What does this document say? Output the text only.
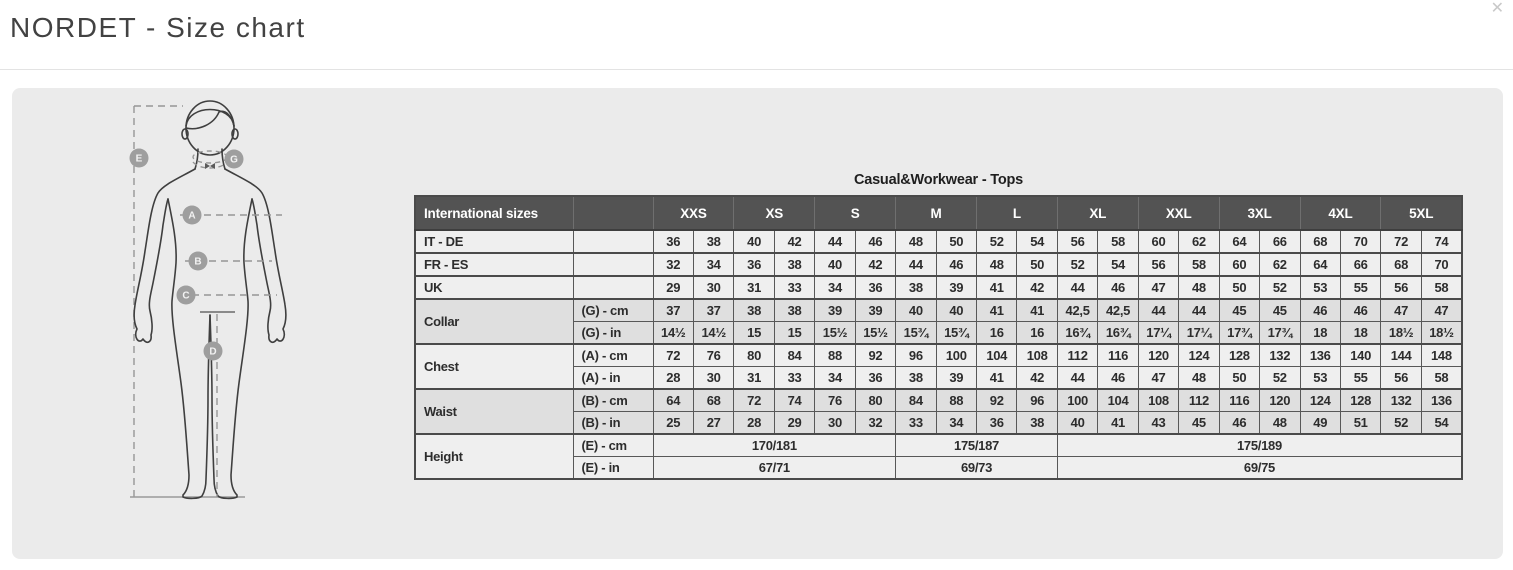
NORDET - Size chart
✕
E	G
A
B
C
D
Casual&Workwear - Tops
International sizes		XXS		XS		S		M		L		XL		XXL		3XL		4XL		5XL	
IT - DE		36	38	40	42	44	46	48	50	52	54	56	58	60	62	64	66	68	70	72	74
FR - ES		32	34	36	38	40	42	44	46	48	50	52	54	56	58	60	62	64	66	68	70
UK		29	30	31	33	34	36	38	39	41	42	44	46	47	48	50	52	53	55	56	58
Collar	(G) - cm	37	37	38	38	39	39	40	40	41	41	42,5	42,5	44	44	45	45	46	46	47	47
	(G) - in	14½	14½	15	15	15½	15½	15¾	15¾	16	16	16¾	16¾	17¼	17¼	17¾	17¾	18	18	18½	18½
Chest	(A) - cm	72	76	80	84	88	92	96	100	104	108	112	116	120	124	128	132	136	140	144	148
	(A) - in	28	30	31	33	34	36	38	39	41	42	44	46	47	48	50	52	53	55	56	58
Waist	(B) - cm	64	68	72	74	76	80	84	88	92	96	100	104	108	112	116	120	124	128	132	136
	(B) - in	25	27	28	29	30	32	33	34	36	38	40	41	43	45	46	48	49	51	52	54
Height	(E) - cm	170/181						175/187				175/189									
	(E) - in	67/71						69/73				69/75									
